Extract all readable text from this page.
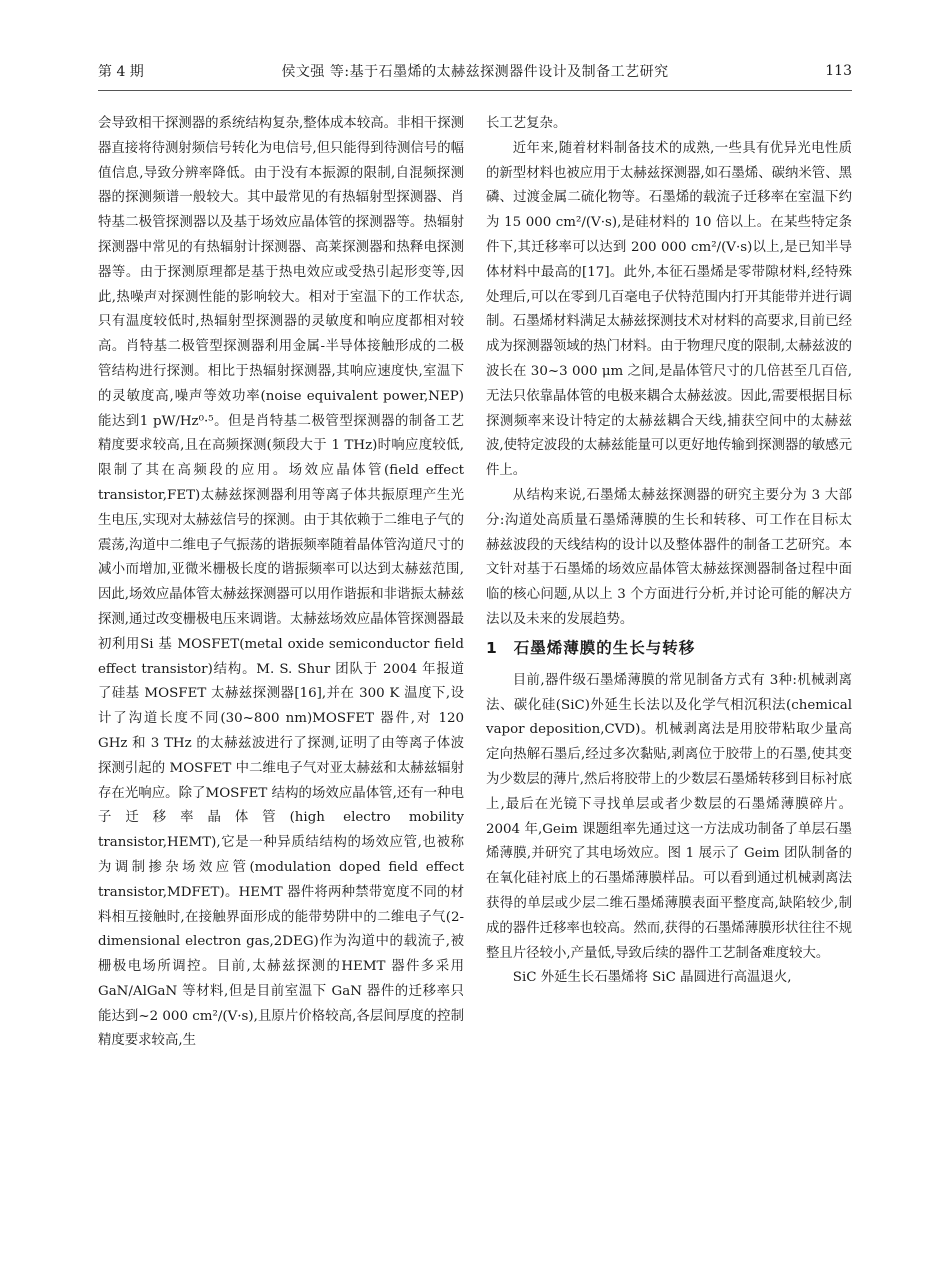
第 4 期	侯文强 等:基于石墨烯的太赫兹探测器件设计及制备工艺研究	113

会导致相干探测器的系统结构复杂,整体成本较高。非相干探测器直接将待测射频信号转化为电信号,但只能得到待测信号的幅值信息,导致分辨率降低。由于没有本振源的限制,自混频探测器的探测频谱一般较大。其中最常见的有热辐射型探测器、肖特基二极管探测器以及基于场效应晶体管的探测器等。热辐射探测器中常见的有热辐射计探测器、高莱探测器和热释电探测器等。由于探测原理都是基于热电效应或受热引起形变等,因此,热噪声对探测性能的影响较大。相对于室温下的工作状态,只有温度较低时,热辐射型探测器的灵敏度和响应度都相对较高。肖特基二极管型探测器利用金属-半导体接触形成的二极管结构进行探测。相比于热辐射探测器,其响应速度快,室温下的灵敏度高,噪声等效功率(noise equivalent power,NEP)能达到1 pW/Hz⁰·⁵。但是肖特基二极管型探测器的制备工艺精度要求较高,且在高频探测(频段大于 1 THz)时响应度较低,限制了其在高频段的应用。场效应晶体管(field effect transistor,FET)太赫兹探测器利用等离子体共振原理产生光生电压,实现对太赫兹信号的探测。由于其依赖于二维电子气的震荡,沟道中二维电子气振荡的谐振频率随着晶体管沟道尺寸的减小而增加,亚微米栅极长度的谐振频率可以达到太赫兹范围,因此,场效应晶体管太赫兹探测器可以用作谐振和非谐振太赫兹探测,通过改变栅极电压来调谐。太赫兹场效应晶体管探测器最初利用Si 基 MOSFET(metal oxide semiconductor field effect transistor)结构。M. S. Shur 团队于 2004 年报道了硅基 MOSFET 太赫兹探测器[16],并在 300 K 温度下,设计了沟道长度不同(30~800 nm)MOSFET 器件,对 120 GHz 和 3 THz 的太赫兹波进行了探测,证明了由等离子体波探测引起的 MOSFET 中二维电子气对亚太赫兹和太赫兹辐射存在光响应。除了MOSFET 结构的场效应晶体管,还有一种电子迁移率晶体管(high electro mobility transistor,HEMT),它是一种异质结结构的场效应管,也被称为调制掺杂场效应管(modulation doped field effect transistor,MDFET)。HEMT 器件将两种禁带宽度不同的材料相互接触时,在接触界面形成的能带势阱中的二维电子气(2-dimensional electron gas,2DEG)作为沟道中的载流子,被栅极电场所调控。目前,太赫兹探测的HEMT 器件多采用 GaN/AlGaN 等材料,但是目前室温下 GaN 器件的迁移率只能达到~2 000 cm²/(V·s),且原片价格较高,各层间厚度的控制精度要求较高,生

长工艺复杂。

近年来,随着材料制备技术的成熟,一些具有优异光电性质的新型材料也被应用于太赫兹探测器,如石墨烯、碳纳米管、黑磷、过渡金属二硫化物等。石墨烯的载流子迁移率在室温下约为 15 000 cm²/(V·s),是硅材料的 10 倍以上。在某些特定条件下,其迁移率可以达到 200 000 cm²/(V·s)以上,是已知半导体材料中最高的[17]。此外,本征石墨烯是零带隙材料,经特殊处理后,可以在零到几百毫电子伏特范围内打开其能带并进行调制。石墨烯材料满足太赫兹探测技术对材料的高要求,目前已经成为探测器领域的热门材料。由于物理尺度的限制,太赫兹波的波长在 30~3 000 μm 之间,是晶体管尺寸的几倍甚至几百倍,无法只依靠晶体管的电极来耦合太赫兹波。因此,需要根据目标探测频率来设计特定的太赫兹耦合天线,捕获空间中的太赫兹波,使特定波段的太赫兹能量可以更好地传输到探测器的敏感元件上。

从结构来说,石墨烯太赫兹探测器的研究主要分为 3 大部分:沟道处高质量石墨烯薄膜的生长和转移、可工作在目标太赫兹波段的天线结构的设计以及整体器件的制备工艺研究。本文针对基于石墨烯的场效应晶体管太赫兹探测器制备过程中面临的核心问题,从以上 3 个方面进行分析,并讨论可能的解决方法以及未来的发展趋势。

1 石墨烯薄膜的生长与转移

目前,器件级石墨烯薄膜的常见制备方式有 3种:机械剥离法、碳化硅(SiC)外延生长法以及化学气相沉积法(chemical vapor deposition,CVD)。机械剥离法是用胶带粘取少量高定向热解石墨后,经过多次黏贴,剥离位于胶带上的石墨,使其变为少数层的薄片,然后将胶带上的少数层石墨烯转移到目标衬底上,最后在光镜下寻找单层或者少数层的石墨烯薄膜碎片。2004 年,Geim 课题组率先通过这一方法成功制备了单层石墨烯薄膜,并研究了其电场效应。图 1 展示了 Geim 团队制备的在氧化硅衬底上的石墨烯薄膜样品。可以看到通过机械剥离法获得的单层或少层二维石墨烯薄膜表面平整度高,缺陷较少,制成的器件迁移率也较高。然而,获得的石墨烯薄膜形状往往不规整且片径较小,产量低,导致后续的器件工艺制备难度较大。

SiC 外延生长石墨烯将 SiC 晶圆进行高温退火,
